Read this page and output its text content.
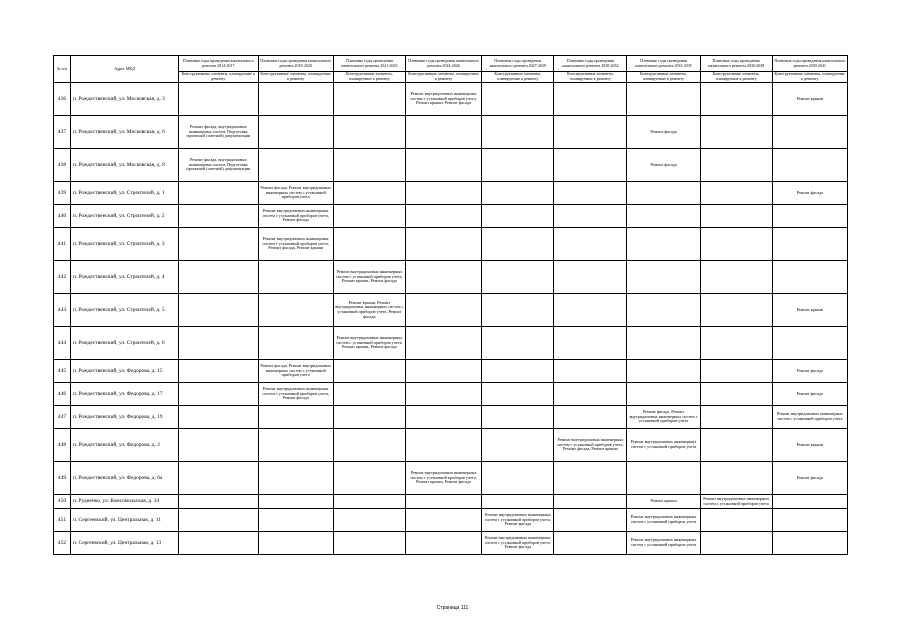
№ п/п	Адрес МКД	Плановые годы проведения капитального ремонта 2014-2017	Плановые годы проведения капитального ремонта 2018-2020	Плановые годы проведения капитального ремонта 2021-2023	Плановые годы проведения капитального ремонта 2024-2026	Плановые годы проведения капитального ремонта 2027-2029	Плановые годы проведения капитального ремонта 2030-2032	Плановые годы проведения капитального ремонта 2033-2035	Плановые годы проведения капитального ремонта 2036-2038	Плановые годы проведения капитального ремонта 2039-2041
		Конструктивные элементы, планируемые к ремонту	Конструктивные элементы, планируемые к ремонту	Конструктивные элементы, планируемые к ремонту	Конструктивные элементы, планируемые к ремонту	Конструктивные элементы, планируемые к ремонту	Конструктивные элементы, планируемые к ремонту	Конструктивные элементы, планируемые к ремонту	Конструктивные элементы, планируемые к ремонту	Конструктивные элементы, планируемые к ремонту
436	п. Рождественский, ул. Московская, д. 3				Ремонт внутридомовых инженерных систем с установкой приборов учета, Ремонт крыши, Ремонт фасада					Ремонт крыши
437	п. Рождественский, ул. Московская, д. 6	Ремонт фасада, внутридомовых инженерных систем, Подготовка проектной (сметной) документации						Ремонт фасада		
438	п. Рождественский, ул. Московская, д. 8	Ремонт фасада, внутридомовых инженерных систем, Подготовка проектной (сметной) документации						Ремонт фасада		
439	п. Рождественский, ул. Строителей, д. 1		Ремонт фасада, Ремонт внутридомовых инженерных систем с установкой приборов учета							Ремонт фасада
440	п. Рождественский, ул. Строителей, д. 2		Ремонт внутридомовых инженерных систем с установкой приборов учета, Ремонт фасада							
441	п. Рождественский, ул. Строителей, д. 3		Ремонт внутридомовых инженерных систем с установкой приборов учета, Ремонт фасада, Ремонт крыши							
442	п. Рождественский, ул. Строителей, д. 4			Ремонт внутридомовых инженерных систем с установкой приборов учета, Ремонт крыши, Ремонт фасада						
443	п. Рождественский, ул. Строителей, д. 5			Ремонт крыши, Ремонт внутридомовых инженерных систем с установкой приборов учета, Ремонт фасада						Ремонт крыши
444	п. Рождественский, ул. Строителей, д. 6			Ремонт внутридомовых инженерных систем с установкой приборов учета, Ремонт крыши, Ремонт фасада						
445	п. Рождественский, ул. Федорова, д. 15		Ремонт фасада, Ремонт внутридомовых инженерных систем с установкой приборов учета							Ремонт фасада
446	п. Рождественский, ул. Федорова, д. 17		Ремонт внутридомовых инженерных систем с установкой приборов учета, Ремонт фасада							Ремонт фасада
447	п. Рождественский, ул. Федорова, д. 19							Ремонт фасада, Ремонт внутридомовых инженерных систем с установкой приборов учета		Ремонт внутридомовых инженерных систем с установкой приборов учета
448	п. Рождественский, ул. Федорова, д. 2						Ремонт внутридомовых инженерных систем с установкой приборов учета, Ремонт фасада, Ремонт крыши	Ремонт внутридомовых инженерных систем с установкой приборов учета		Ремонт крыши
449	п. Рождественский, ул. Федорова, д. 6а				Ремонт внутридомовых инженерных систем с установкой приборов учета, Ремонт крыши, Ремонт фасада					Ремонт фасада
450	п. Рудненко, ул. Комсомольская, д. 34							Ремонт крыши	Ремонт внутридомовых инженерных систем с установкой приборов учета	
451	п. Сергеевский, ул. Центральная, д. 11					Ремонт внутридомовых инженерных систем с установкой приборов учета, Ремонт фасада		Ремонт внутридомовых инженерных систем с установкой приборов учета		
452	п. Сергеевский, ул. Центральная, д. 13					Ремонт внутридомовых инженерных систем с установкой приборов учета, Ремонт фасада		Ремонт внутридомовых инженерных систем с установкой приборов учета		
Страница 111
